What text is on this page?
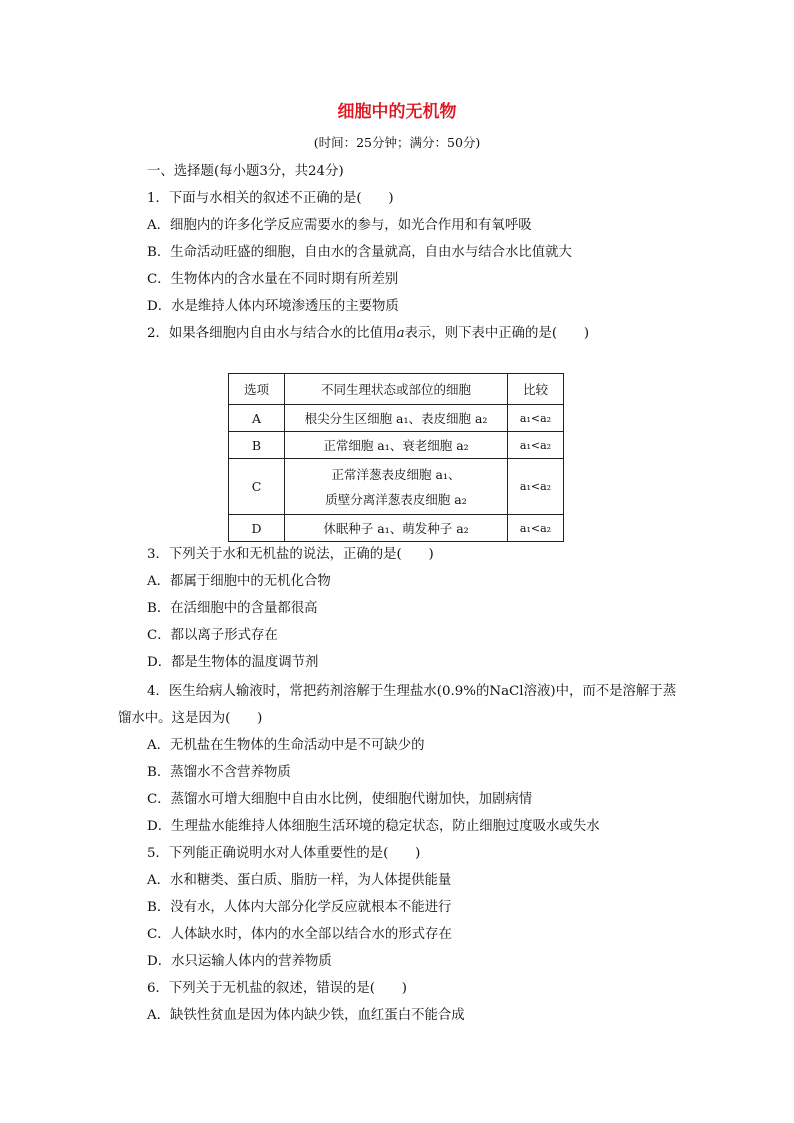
细胞中的无机物
(时间：25分钟；满分：50分)
一、选择题(每小题3分，共24分)
1．下面与水相关的叙述不正确的是(　　)
A．细胞内的许多化学反应需要水的参与，如光合作用和有氧呼吸
B．生命活动旺盛的细胞，自由水的含量就高，自由水与结合水比值就大
C．生物体内的含水量在不同时期有所差别
D．水是维持人体内环境渗透压的主要物质
2．如果各细胞内自由水与结合水的比值用a表示，则下表中正确的是(　　)
选项	不同生理状态或部位的细胞	比较
A	根尖分生区细胞 a₁、表皮细胞 a₂	a₁<a₂
B	正常细胞 a₁、衰老细胞 a₂	a₁<a₂
C	正常洋葱表皮细胞 a₁、
质壁分离洋葱表皮细胞 a₂	a₁<a₂
D	休眠种子 a₁、萌发种子 a₂	a₁<a₂
3．下列关于水和无机盐的说法，正确的是(　　)
A．都属于细胞中的无机化合物
B．在活细胞中的含量都很高
C．都以离子形式存在
D．都是生物体的温度调节剂
4．医生给病人输液时，常把药剂溶解于生理盐水(0.9%的NaCl溶液)中，而不是溶解于蒸馏水中。这是因为(　　)
A．无机盐在生物体的生命活动中是不可缺少的
B．蒸馏水不含营养物质
C．蒸馏水可增大细胞中自由水比例，使细胞代谢加快，加剧病情
D．生理盐水能维持人体细胞生活环境的稳定状态，防止细胞过度吸水或失水
5．下列能正确说明水对人体重要性的是(　　)
A．水和糖类、蛋白质、脂肪一样，为人体提供能量
B．没有水，人体内大部分化学反应就根本不能进行
C．人体缺水时，体内的水全部以结合水的形式存在
D．水只运输人体内的营养物质
6．下列关于无机盐的叙述，错误的是(　　)
A．缺铁性贫血是因为体内缺少铁，血红蛋白不能合成
